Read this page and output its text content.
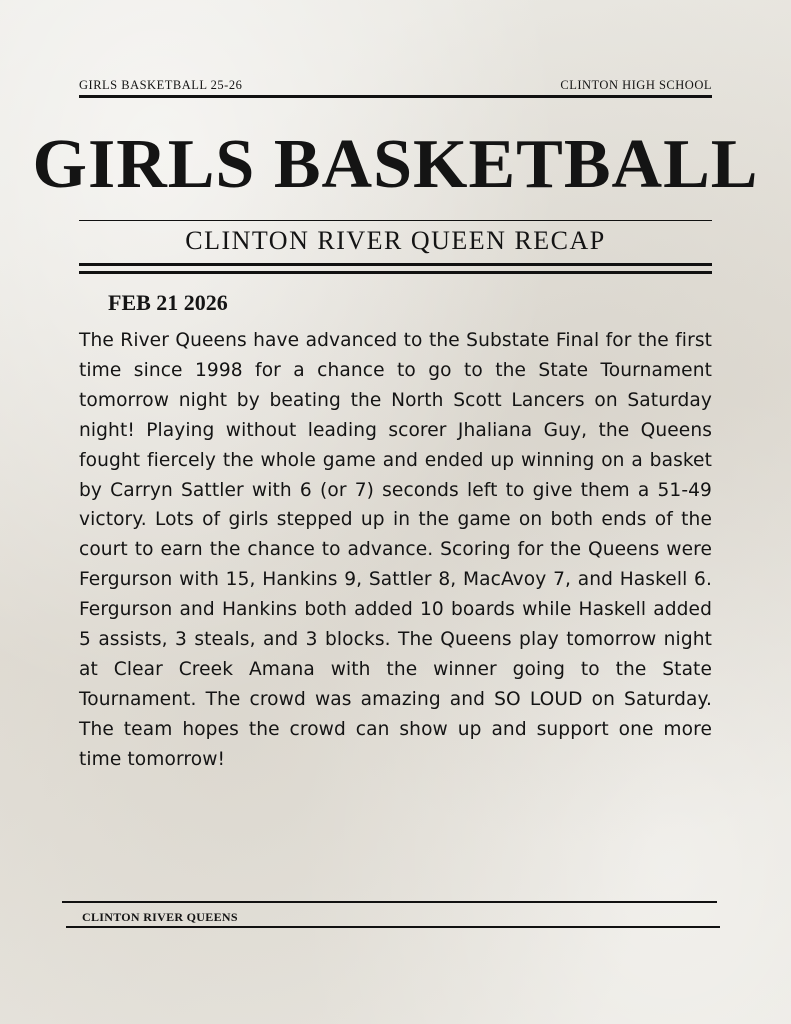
GIRLS BASKETBALL 25-26	CLINTON HIGH SCHOOL
GIRLS BASKETBALL
CLINTON RIVER QUEEN RECAP
FEB 21 2026
The River Queens have advanced to the Substate Final for the first time since 1998 for a chance to go to the State Tournament tomorrow night by beating the North Scott Lancers on Saturday night! Playing without leading scorer Jhaliana Guy, the Queens fought fiercely the whole game and ended up winning on a basket by Carryn Sattler with 6 (or 7) seconds left to give them a 51-49 victory. Lots of girls stepped up in the game on both ends of the court to earn the chance to advance. Scoring for the Queens were Fergurson with 15, Hankins 9, Sattler 8, MacAvoy 7, and Haskell 6. Fergurson and Hankins both added 10 boards while Haskell added 5 assists, 3 steals, and 3 blocks. The Queens play tomorrow night at Clear Creek Amana with the winner going to the State Tournament. The crowd was amazing and SO LOUD on Saturday. The team hopes the crowd can show up and support one more time tomorrow!
CLINTON RIVER QUEENS
